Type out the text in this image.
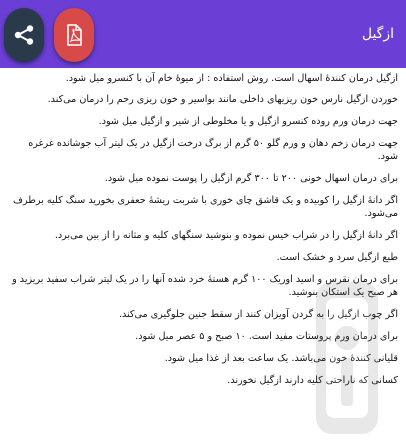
ازگیل

ازگیل درمان کنندهٔ اسهال است. روش استفاده : از میوهٔ خام آن با کنسرو میل شود.

خوردن ازگیل نارس خون ریزیهای داخلی مانند بواسیر و خون ریزی رحم را درمان می‌کند.

جهت درمان ورم روده کنسرو ازگیل و یا مخلوطی از شیر و ازگیل میل شود.

جهت درمان زخم دهان و ورم گلو ۵۰ گرم از برگ درخت ازگیل در یک لیتر آب جوشانده غرغره شود.

برای درمان اسهال خونی ۲۰۰ تا ۳۰۰ گرم ازگیل را پوست نموده میل شود.

اگر دانهٔ ازگیل را کوبیده و یک قاشق چای خوری با شربت ریشهٔ حعفری بخورید سنگ کلیه برطرف می‌شود.

اگر دانهٔ ازگیل را در شراب خیس نموده و بنوشید سنگهای کلیه و مثانه را از بین می‌برد.

طبع ازگیل سرد و خشک است.

برای درمان نقرس و اسید اوریک ۱۰۰ گرم هستهٔ خرد شده آنها را در یک لیتر شراب سفید بریزید و هر صبح یک استکان بنوشید.

اگر چوب ازگیل را به گردن آویزان کنند از سقط جنین جلوگیری می‌کند.

برای درمان ورم پروستات مفید است. ۱۰ صبح و ۵ عصر میل شود.

قلیانی کنندهٔ خون می‌باشد. یک ساعت بعد از غذا میل شود.

کسانی که ناراحتی کلیه دارند ازگیل نخورند.
